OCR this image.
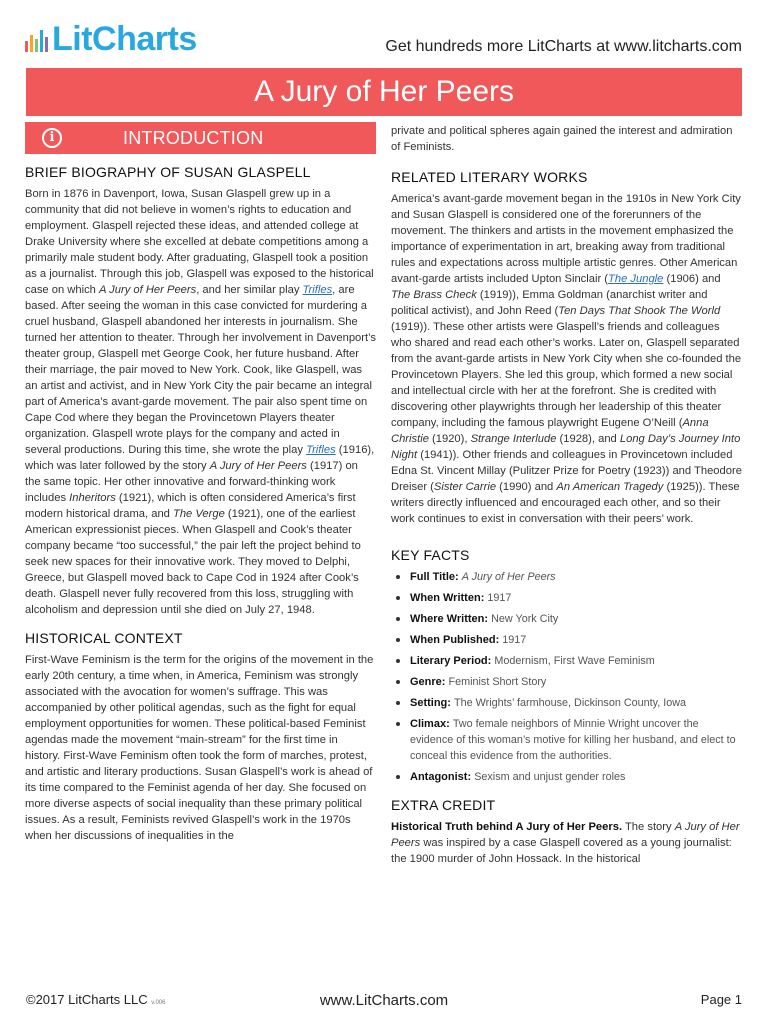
LitCharts	Get hundreds more LitCharts at www.litcharts.com
A Jury of Her Peers
i	INTRODUCTION
BRIEF BIOGRAPHY OF SUSAN GLASPELL

Born in 1876 in Davenport, Iowa, Susan Glaspell grew up in a community that did not believe in women’s rights to education and employment. Glaspell rejected these ideas, and attended college at Drake University where she excelled at debate competitions among a primarily male student body. After graduating, Glaspell took a position as a journalist. Through this job, Glaspell was exposed to the historical case on which A Jury of Her Peers, and her similar play Trifles, are based. After seeing the woman in this case convicted for murdering a cruel husband, Glaspell abandoned her interests in journalism. She turned her attention to theater. Through her involvement in Davenport’s theater group, Glaspell met George Cook, her future husband. After their marriage, the pair moved to New York. Cook, like Glaspell, was an artist and activist, and in New York City the pair became an integral part of America’s avant-garde movement. The pair also spent time on Cape Cod where they began the Provincetown Players theater organization. Glaspell wrote plays for the company and acted in several productions. During this time, she wrote the play Trifles (1916), which was later followed by the story A Jury of Her Peers (1917) on the same topic. Her other innovative and forward-thinking work includes Inheritors (1921), which is often considered America’s first modern historical drama, and The Verge (1921), one of the earliest American expressionist pieces. When Glaspell and Cook’s theater company became “too successful,” the pair left the project behind to seek new spaces for their innovative work. They moved to Delphi, Greece, but Glaspell moved back to Cape Cod in 1924 after Cook’s death. Glaspell never fully recovered from this loss, struggling with alcoholism and depression until she died on July 27, 1948.

HISTORICAL CONTEXT

First-Wave Feminism is the term for the origins of the movement in the early 20th century, a time when, in America, Feminism was strongly associated with the avocation for women’s suffrage. This was accompanied by other political agendas, such as the fight for equal employment opportunities for women. These political-based Feminist agendas made the movement “main-stream” for the first time in history. First-Wave Feminism often took the form of marches, protest, and artistic and literary productions. Susan Glaspell’s work is ahead of its time compared to the Feminist agenda of her day. She focused on more diverse aspects of social inequality than these primary political issues. As a result, Feminists revived Glaspell’s work in the 1970s when her discussions of inequalities in the

private and political spheres again gained the interest and admiration of Feminists.

RELATED LITERARY WORKS

America’s avant-garde movement began in the 1910s in New York City and Susan Glaspell is considered one of the forerunners of the movement. The thinkers and artists in the movement emphasized the importance of experimentation in art, breaking away from traditional rules and expectations across multiple artistic genres. Other American avant-garde artists included Upton Sinclair (The Jungle (1906) and The Brass Check (1919)), Emma Goldman (anarchist writer and political activist), and John Reed (Ten Days That Shook The World (1919)). These other artists were Glaspell’s friends and colleagues who shared and read each other’s works. Later on, Glaspell separated from the avant-garde artists in New York City when she co-founded the Provincetown Players. She led this group, which formed a new social and intellectual circle with her at the forefront. She is credited with discovering other playwrights through her leadership of this theater company, including the famous playwright Eugene O’Neill (Anna Christie (1920), Strange Interlude (1928), and Long Day’s Journey Into Night (1941)). Other friends and colleagues in Provincetown included Edna St. Vincent Millay (Pulitzer Prize for Poetry (1923)) and Theodore Dreiser (Sister Carrie (1990) and An American Tragedy (1925)). These writers directly influenced and encouraged each other, and so their work continues to exist in conversation with their peers’ work.

KEY FACTS
Full Title: A Jury of Her Peers
When Written: 1917
Where Written: New York City
When Published: 1917
Literary Period: Modernism, First Wave Feminism
Genre: Feminist Short Story
Setting: The Wrights’ farmhouse, Dickinson County, Iowa
Climax: Two female neighbors of Minnie Wright uncover the evidence of this woman’s motive for killing her husband, and elect to conceal this evidence from the authorities.
Antagonist: Sexism and unjust gender roles
EXTRA CREDIT

Historical Truth behind A Jury of Her Peers. The story A Jury of Her Peers was inspired by a case Glaspell covered as a young journalist: the 1900 murder of John Hossack. In the historical

©2017 LitCharts LLC v.006	www.LitCharts.com	Page 1
